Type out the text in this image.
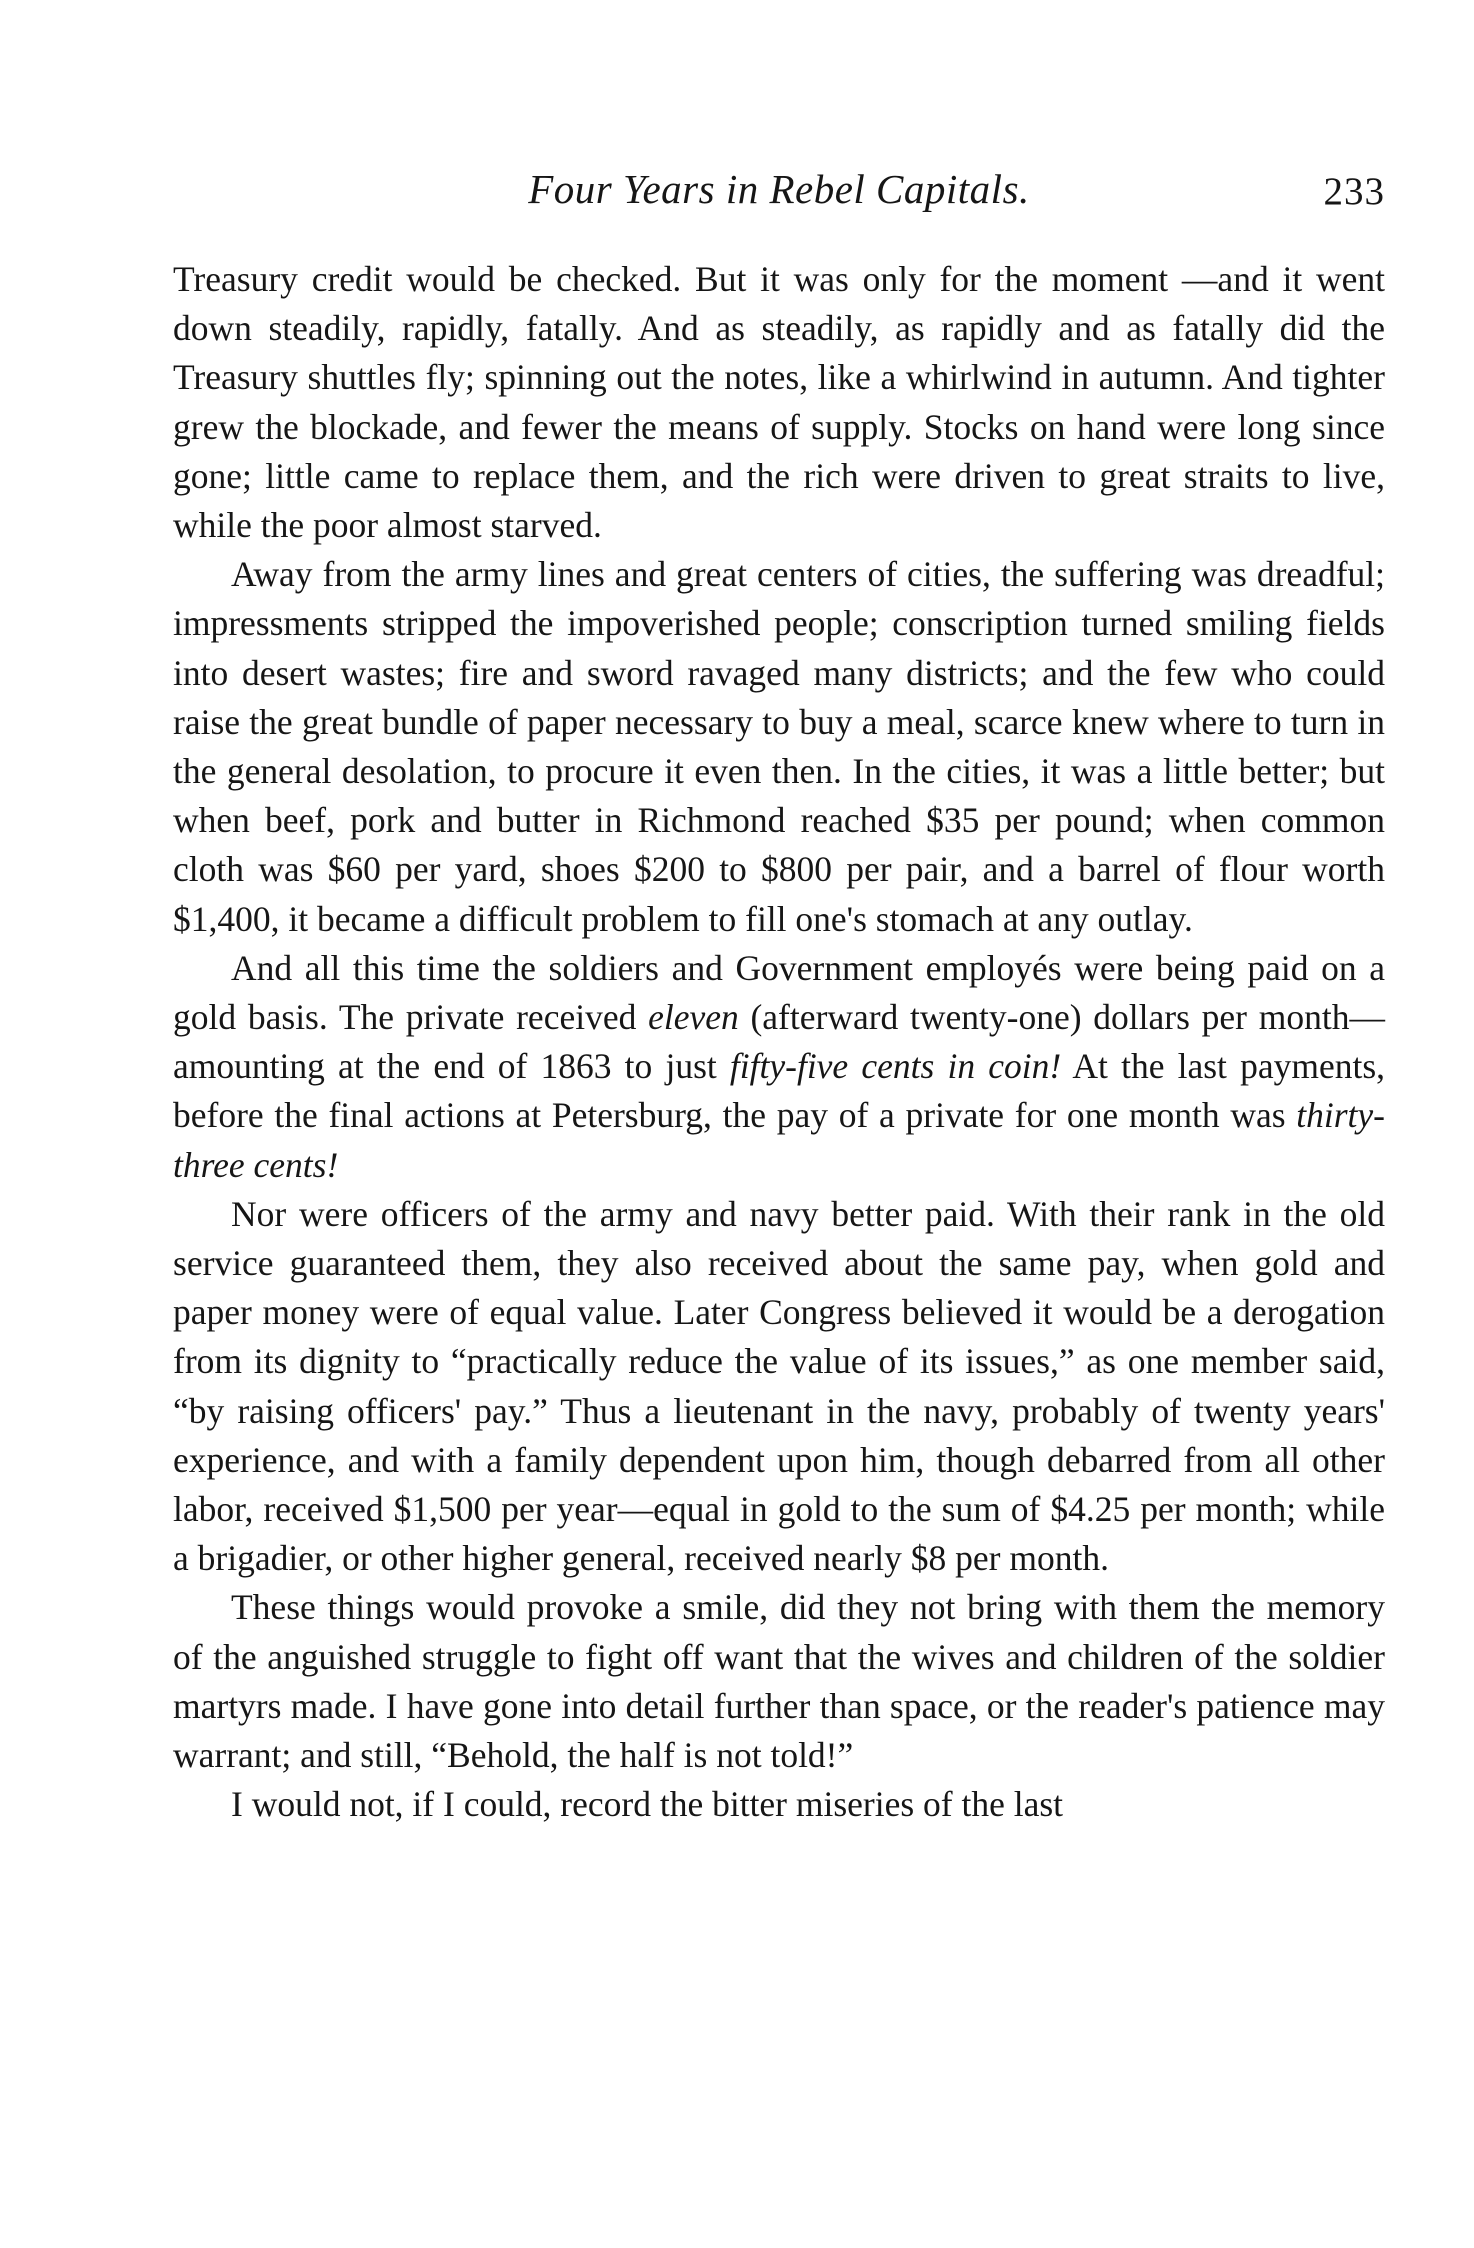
Four Years in Rebel Capitals.	233

Treasury credit would be checked. But it was only for the moment —and it went down steadily, rapidly, fatally. And as steadily, as rapidly and as fatally did the Treasury shuttles fly; spinning out the notes, like a whirlwind in autumn. And tighter grew the blockade, and fewer the means of supply. Stocks on hand were long since gone; little came to replace them, and the rich were driven to great straits to live, while the poor almost starved.

Away from the army lines and great centers of cities, the suffering was dreadful; impressments stripped the impoverished people; conscription turned smiling fields into desert wastes; fire and sword ravaged many districts; and the few who could raise the great bundle of paper necessary to buy a meal, scarce knew where to turn in the general desolation, to procure it even then. In the cities, it was a little better; but when beef, pork and butter in Richmond reached $35 per pound; when common cloth was $60 per yard, shoes $200 to $800 per pair, and a barrel of flour worth $1,400, it became a difficult problem to fill one's stomach at any outlay.

And all this time the soldiers and Government employés were being paid on a gold basis. The private received eleven (afterward twenty-one) dollars per month—amounting at the end of 1863 to just fifty-five cents in coin! At the last payments, before the final actions at Petersburg, the pay of a private for one month was thirty-three cents!

Nor were officers of the army and navy better paid. With their rank in the old service guaranteed them, they also received about the same pay, when gold and paper money were of equal value. Later Congress believed it would be a derogation from its dignity to “practically reduce the value of its issues,” as one member said, “by raising officers' pay.” Thus a lieutenant in the navy, probably of twenty years' experience, and with a family dependent upon him, though debarred from all other labor, received $1,500 per year—equal in gold to the sum of $4.25 per month; while a brigadier, or other higher general, received nearly $8 per month.

These things would provoke a smile, did they not bring with them the memory of the anguished struggle to fight off want that the wives and children of the soldier martyrs made. I have gone into detail further than space, or the reader's patience may warrant; and still, “Behold, the half is not told!”

I would not, if I could, record the bitter miseries of the last
